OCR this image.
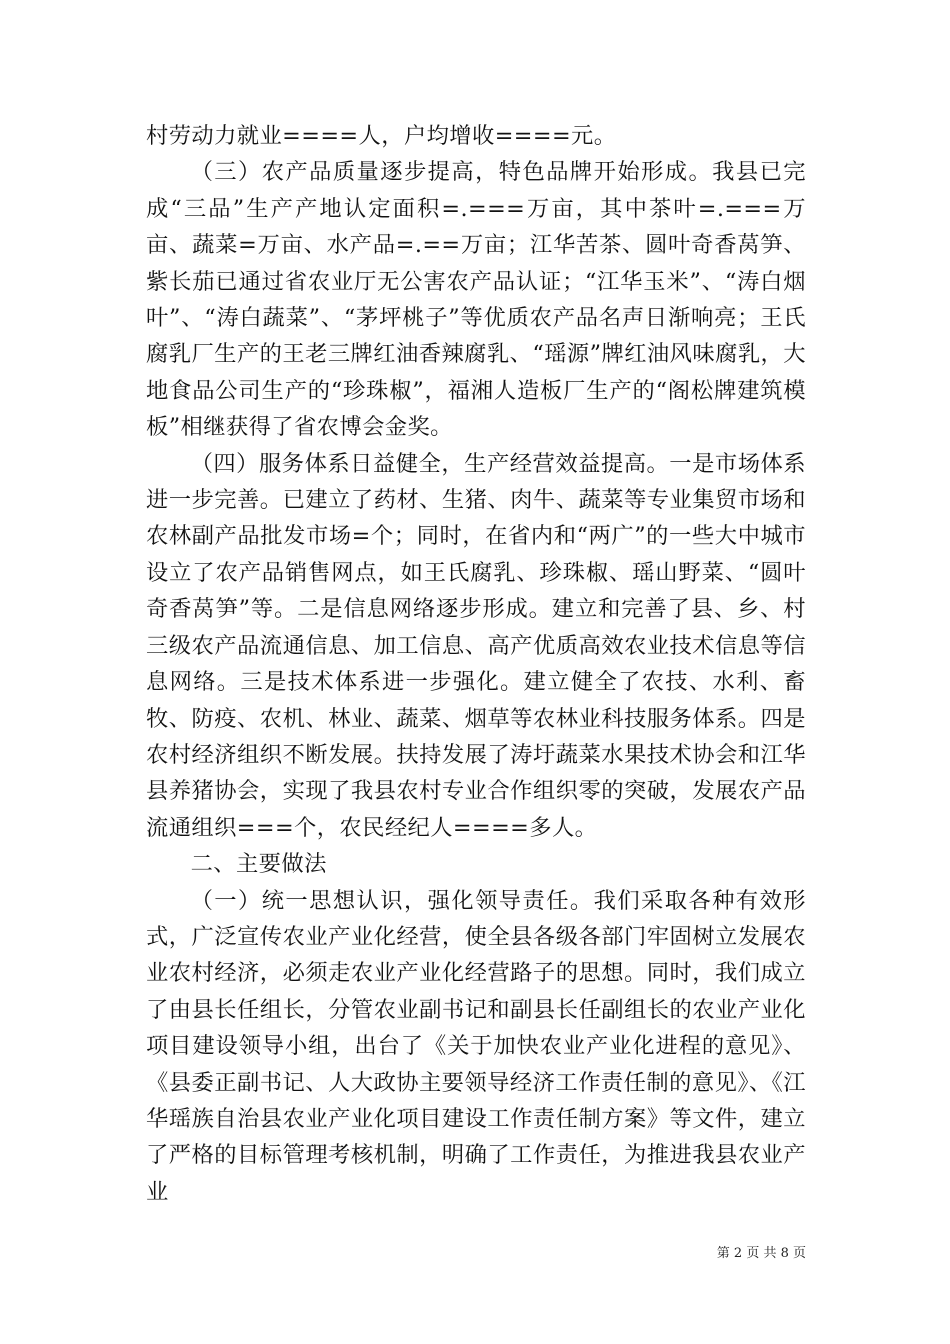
村劳动力就业====人，户均增收====元。

（三）农产品质量逐步提高，特色品牌开始形成。我县已完成“三品”生产产地认定面积=.===万亩，其中茶叶=.===万亩、蔬菜=万亩、水产品=.==万亩；江华苦茶、圆叶奇香莴笋、紫长茄已通过省农业厅无公害农产品认证；“江华玉米”、“涛白烟叶”、“涛白蔬菜”、“茅坪桃子”等优质农产品名声日渐响亮；王氏腐乳厂生产的王老三牌红油香辣腐乳、“瑶源”牌红油风味腐乳，大地食品公司生产的“珍珠椒”，福湘人造板厂生产的“阁松牌建筑模板”相继获得了省农博会金奖。

（四）服务体系日益健全，生产经营效益提高。一是市场体系进一步完善。已建立了药材、生猪、肉牛、蔬菜等专业集贸市场和农林副产品批发市场=个；同时，在省内和“两广”的一些大中城市设立了农产品销售网点，如王氏腐乳、珍珠椒、瑶山野菜、“圆叶奇香莴笋”等。二是信息网络逐步形成。建立和完善了县、乡、村三级农产品流通信息、加工信息、高产优质高效农业技术信息等信息网络。三是技术体系进一步强化。建立健全了农技、水利、畜牧、防疫、农机、林业、蔬菜、烟草等农林业科技服务体系。四是农村经济组织不断发展。扶持发展了涛圩蔬菜水果技术协会和江华县养猪协会，实现了我县农村专业合作组织零的突破，发展农产品流通组织===个，农民经纪人====多人。

二、主要做法

（一）统一思想认识，强化领导责任。我们采取各种有效形式，广泛宣传农业产业化经营，使全县各级各部门牢固树立发展农业农村经济，必须走农业产业化经营路子的思想。同时，我们成立了由县长任组长，分管农业副书记和副县长任副组长的农业产业化项目建设领导小组，出台了《关于加快农业产业化进程的意见》、《县委正副书记、人大政协主要领导经济工作责任制的意见》、《江华瑶族自治县农业产业化项目建设工作责任制方案》等文件，建立了严格的目标管理考核机制，明确了工作责任，为推进我县农业产业

第 2 页 共 8 页
